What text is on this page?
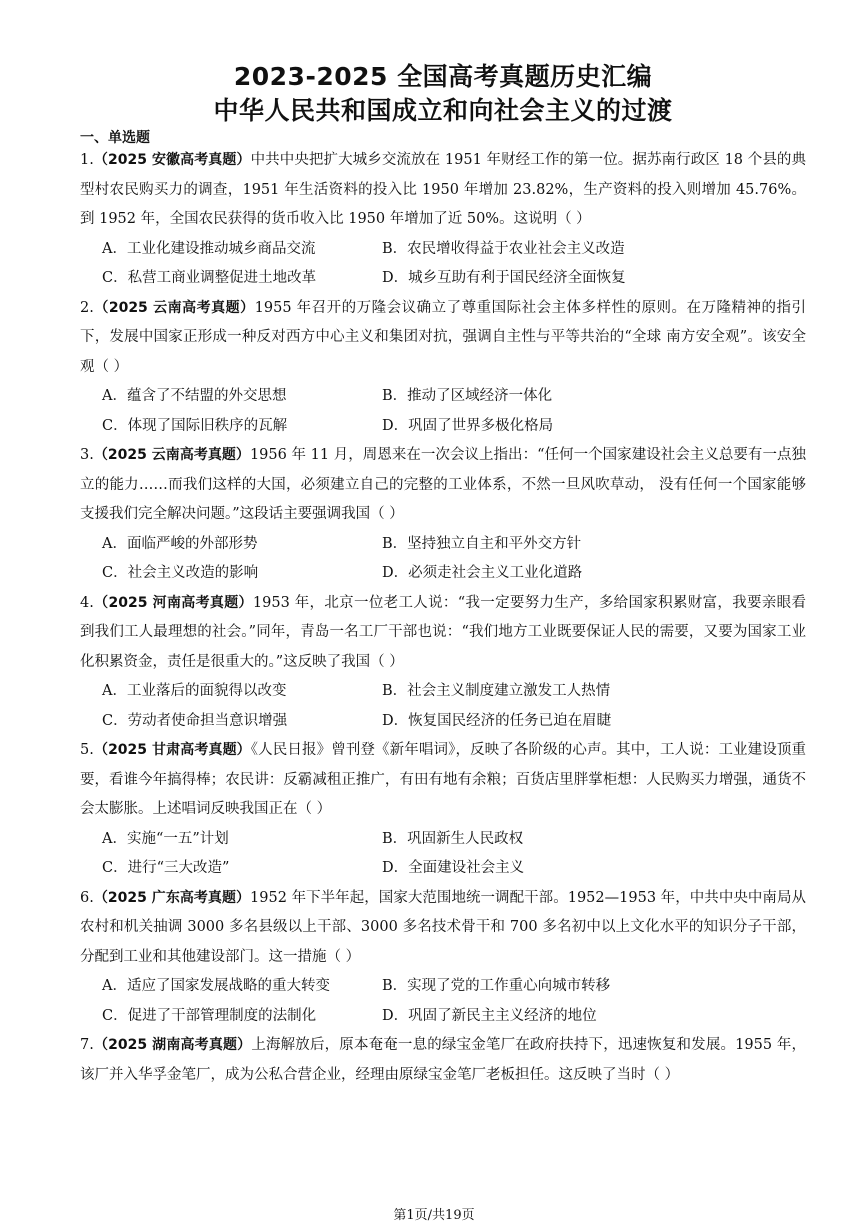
2023-2025 全国高考真题历史汇编
中华人民共和国成立和向社会主义的过渡
一、单选题

1.（2025 安徽高考真题）中共中央把扩大城乡交流放在 1951 年财经工作的第一位。据苏南行政区 18 个县的典型村农民购买力的调查，1951 年生活资料的投入比 1950 年增加 23.82%，生产资料的投入则增加 45.76%。到 1952 年，全国农民获得的货币收入比 1950 年增加了近 50%。这说明（ ）

A．工业化建设推动城乡商品交流	B．农民增收得益于农业社会主义改造
C．私营工商业调整促进土地改革	D．城乡互助有利于国民经济全面恢复

2.（2025 云南高考真题）1955 年召开的万隆会议确立了尊重国际社会主体多样性的原则。在万隆精神的指引下，发展中国家正形成一种反对西方中心主义和集团对抗，强调自主性与平等共治的“全球 南方安全观”。该安全观（ ）

A．蕴含了不结盟的外交思想	B．推动了区域经济一体化
C．体现了国际旧秩序的瓦解	D．巩固了世界多极化格局

3.（2025 云南高考真题）1956 年 11 月，周恩来在一次会议上指出：“任何一个国家建设社会主义总要有一点独 立的能力……而我们这样的大国，必须建立自己的完整的工业体系，不然一旦风吹草动， 没有任何一个国家能够支援我们完全解决问题。”这段话主要强调我国（ ）

A．面临严峻的外部形势	B．坚持独立自主和平外交方针
C．社会主义改造的影响	D．必须走社会主义工业化道路

4.（2025 河南高考真题）1953 年，北京一位老工人说：“我一定要努力生产，多给国家积累财富，我要亲眼看到我们工人最理想的社会。”同年，青岛一名工厂干部也说：“我们地方工业既要保证人民的需要，又要为国家工业化积累资金，责任是很重大的。”这反映了我国（ ）

A．工业落后的面貌得以改变	B．社会主义制度建立激发工人热情
C．劳动者使命担当意识增强	D．恢复国民经济的任务已迫在眉睫

5.（2025 甘肃高考真题）《人民日报》曾刊登《新年唱词》，反映了各阶级的心声。其中，工人说：工业建设顶重要，看谁今年搞得棒；农民讲：反霸减租正推广，有田有地有余粮；百货店里胖掌柜想：人民购买力增强，通货不会太膨胀。上述唱词反映我国正在（ ）

A．实施“一五”计划	B．巩固新生人民政权
C．进行“三大改造”	D．全面建设社会主义

6.（2025 广东高考真题）1952 年下半年起，国家大范围地统一调配干部。1952—1953 年，中共中央中南局从农村和机关抽调 3000 多名县级以上干部、3000 多名技术骨干和 700 多名初中以上文化水平的知识分子干部，分配到工业和其他建设部门。这一措施（ ）

A．适应了国家发展战略的重大转变	B．实现了党的工作重心向城市转移
C．促进了干部管理制度的法制化	D．巩固了新民主主义经济的地位

7.（2025 湖南高考真题）上海解放后，原本奄奄一息的绿宝金笔厂在政府扶持下，迅速恢复和发展。1955 年，该厂并入华孚金笔厂，成为公私合营企业，经理由原绿宝金笔厂老板担任。这反映了当时（ ）

第1页/共19页
